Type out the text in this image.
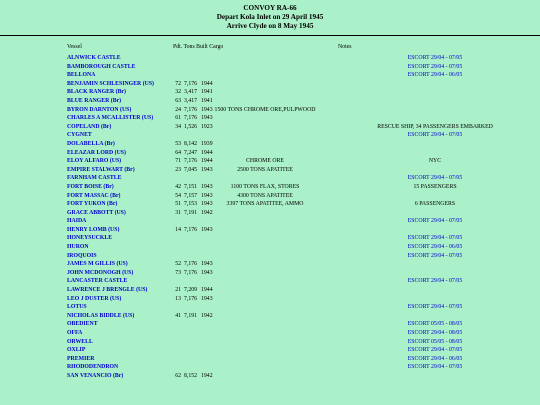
CONVOY RA-66
Depart Kola Inlet on 29 April 1945
Arrive Clyde on 8 May 1945
Vessel	Pdt. Tons Built Cargo	Notes
ALNWICK CASTLE	ESCORT 29/04 - 07/05
BAMBOROUGH CASTLE	ESCORT 29/04 - 07/05
BELLONA	ESCORT 29/04 - 06/05
BENJAMIN SCHLESINGER (US)	72 7,176 1944
BLACK RANGER (Br)	32 3,417 1941
BLUE RANGER (Br)	63 3,417 1941
BYRON DARNTON (US)	24 7,176 1943 1500 TONS CHROME ORE,PULPWOOD
CHARLES A MCALLISTER (US)	61 7,176 1943
COPELAND (Br)	34 1,526 1923	RESCUE SHIP, 34 PASSENGERS EMBARKED
CYGNET	ESCORT 29/04 - 07/05
DOLABELLA (Br)	53 8,142 1939
ELEAZAR LORD (US)	64 7,247 1944
ELOY ALFARO (US)	71 7,176 1944	CHROME ORE	NYC
EMPIRE STALWART (Br)	23 7,045 1943	2500 TONS APATITEE
FARNHAM CASTLE	ESCORT 29/04 - 07/05
FORT BOISE (Br)	42 7,151 1943	1100 TONS FLAX, STORES	15 PASSENGERS
FORT MASSAC (Br)	54 7,157 1943	4300 TONS APATITEE
FORT YUKON (Br)	51 7,153 1943 3397 TONS APATITEE, AMMO	6 PASSENGERS
GRACE ABBOTT (US)	31 7,191 1942
HAIDA	ESCORT 29/04 - 07/05
HENRY LOMB (US)	14 7,176 1943
HONEYSUCKLE	ESCORT 29/04 - 07/05
HURON	ESCORT 29/04 - 06/05
IROQUOIS	ESCORT 29/04 - 07/05
JAMES M GILLIS (US)	52 7,176 1943
JOHN MCDONOGH (US)	73 7,176 1943
LANCASTER CASTLE	ESCORT 29/04 - 07/05
LAWRENCE J BRENGLE (US)	21 7,209 1944
LEO J DUSTER (US)	13 7,176 1943
LOTUS	ESCORT 29/04 - 07/05
NICHOLAS BIDDLE (US)	41 7,191 1942
OBEDIENT	ESCORT 05/05 - 08/05
OFFA	ESCORT 29/04 - 08/05
ORWELL	ESCORT 05/05 - 08/05
OXLIP	ESCORT 29/04 - 07/05
PREMIER	ESCORT 29/04 - 06/05
RHODODENDRON	ESCORT 29/04 - 07/05
SAN VENANCIO (Br)	62 8,152 1942
